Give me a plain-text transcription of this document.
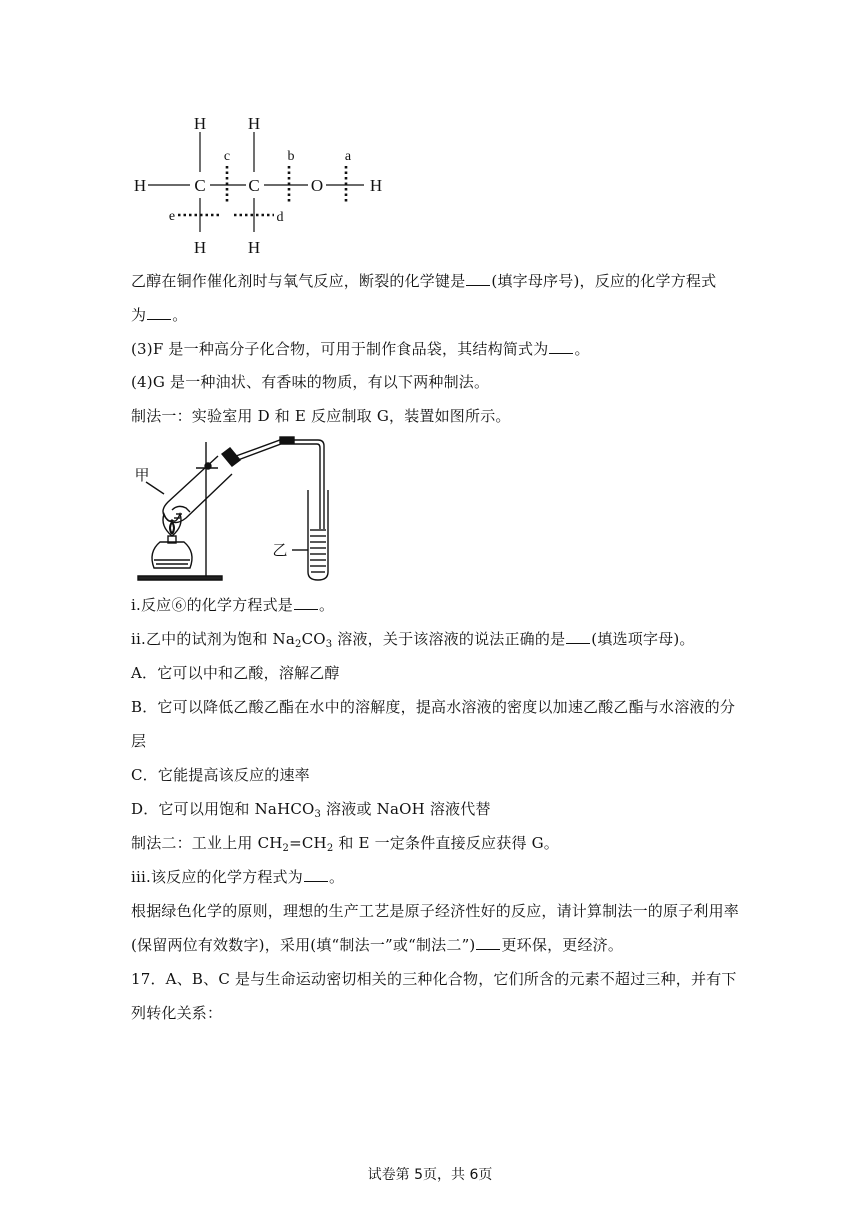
H H
H	C	C	O	H
H H
c	b	a
e	d
乙醇在铜作催化剂时与氧气反应，断裂的化学键是 (填字母序号)，反应的化学方程式
为 。
(3)F 是一种高分子化合物，可用于制作食品袋，其结构简式为 。
(4)G 是一种油状、有香味的物质，有以下两种制法。
制法一：实验室用 D 和 E 反应制取 G，装置如图所示。
甲
乙
i.反应⑥的化学方程式是 。
ii.乙中的试剂为饱和 $Na_2CO_3$ 溶液，关于该溶液的说法正确的是 (填选项字母)。
A．它可以中和乙酸，溶解乙醇
B．它可以降低乙酸乙酯在水中的溶解度，提高水溶液的密度以加速乙酸乙酯与水溶液的分
层
C．它能提高该反应的速率
D．它可以用饱和 NaHCO$_3$ 溶液或 NaOH 溶液代替
制法二：工业上用 $CH_2=CH_2$ 和 E 一定条件直接反应获得 G。
iii.该反应的化学方程式为 。
根据绿色化学的原则，理想的生产工艺是原子经济性好的反应，请计算制法一的原子利用率
(保留两位有效数字)，采用(填“制法一”或“制法二”) 更环保，更经济。
17．A、B、C 是与生命运动密切相关的三种化合物，它们所含的元素不超过三种，并有下
列转化关系：
试卷第 5页，共 6页
